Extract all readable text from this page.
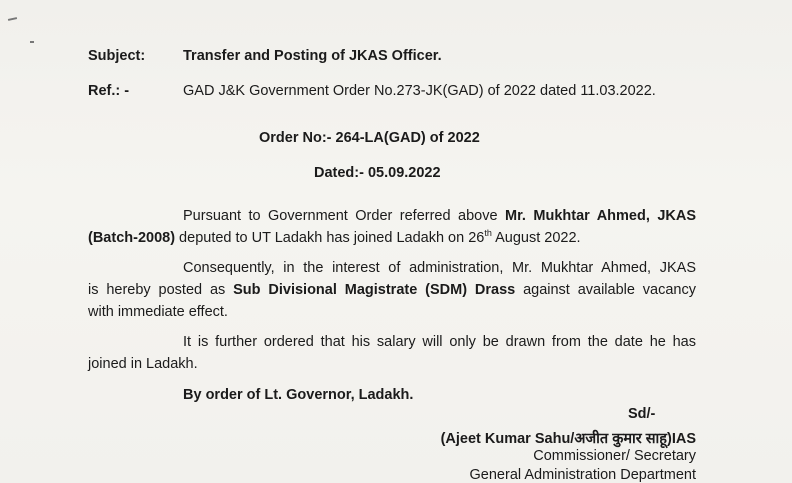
Subject:	Transfer and Posting of JKAS Officer.
Ref.: -	GAD J&K Government Order No.273-JK(GAD) of 2022 dated 11.03.2022.
Order No:- 264-LA(GAD) of 2022
Dated:- 05.09.2022
Pursuant to Government Order referred above Mr. Mukhtar Ahmed, JKAS
(Batch-2008) deputed to UT Ladakh has joined Ladakh on 26th August 2022.
Consequently, in the interest of administration, Mr. Mukhtar Ahmed, JKAS
is hereby posted as Sub Divisional Magistrate (SDM) Drass against available vacancy
with immediate effect.
It is further ordered that his salary will only be drawn from the date he has
joined in Ladakh.
By order of Lt. Governor, Ladakh.
Sd/-
(Ajeet Kumar Sahu/अजीत कुमार साहू)IAS
Commissioner/ Secretary
General Administration Department
